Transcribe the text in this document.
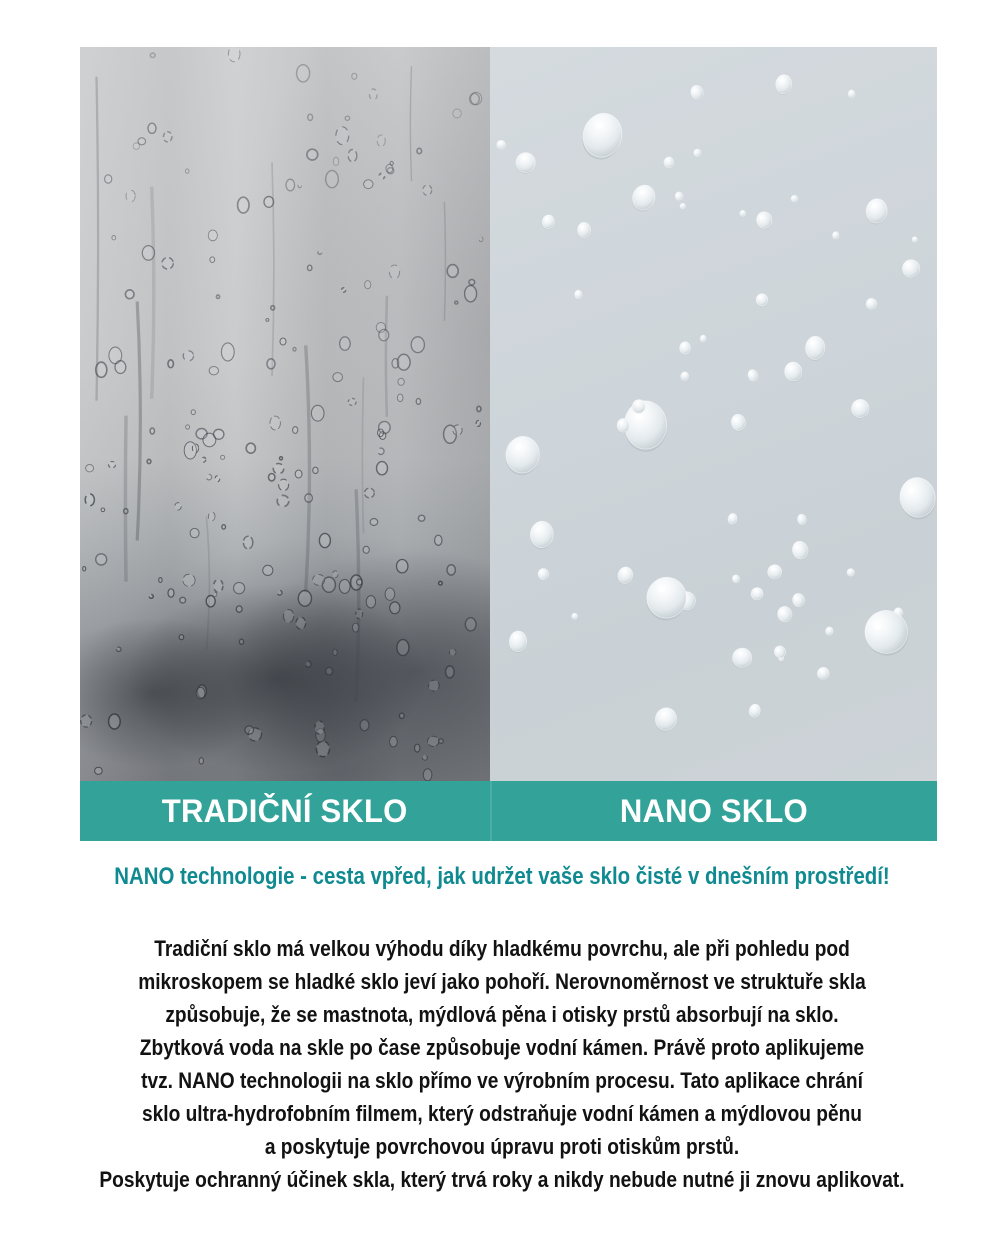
TRADIČNÍ SKLO	NANO SKLO
NANO technologie - cesta vpřed, jak udržet vaše sklo čisté v dnešním prostředí!
Tradiční sklo má velkou výhodu díky hladkému povrchu, ale při pohledu pod
mikroskopem se hladké sklo jeví jako pohoří. Nerovnoměrnost ve struktuře skla
způsobuje, že se mastnota, mýdlová pěna i otisky prstů absorbují na sklo.
Zbytková voda na skle po čase způsobuje vodní kámen. Právě proto aplikujeme
tvz. NANO technologii na sklo přímo ve výrobním procesu. Tato aplikace chrání
sklo ultra-hydrofobním filmem, který odstraňuje vodní kámen a mýdlovou pěnu
a poskytuje povrchovou úpravu proti otiskům prstů.
Poskytuje ochranný účinek skla, který trvá roky a nikdy nebude nutné ji znovu aplikovat.
